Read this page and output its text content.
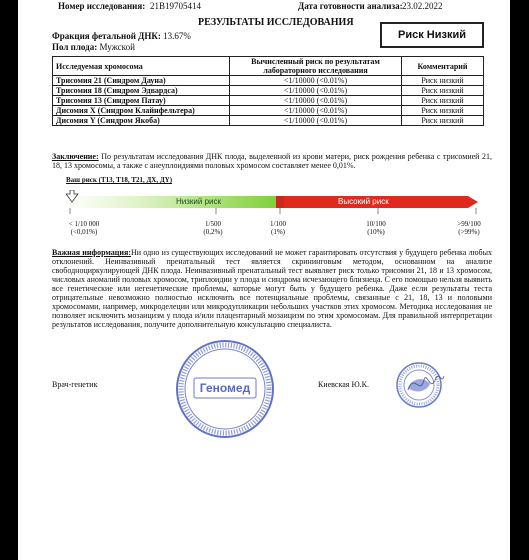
Номер исследования: 21В19705414	Дата готовности анализа: 23.02.2022
РЕЗУЛЬТАТЫ ИССЛЕДОВАНИЯ
Фракция фетальной ДНК: 13.67%
Пол плода: Мужской
Риск Низкий
Исследуемая хромосома	Вычисленный риск по результатам лабораторного исследования	Комментарий
Трисомия 21 (Синдром Дауна)	<1/10000 (<0.01%)	Риск низкий
Трисомия 18 (Синдром Эдвардса)	<1/10000 (<0.01%)	Риск низкий
Трисомия 13 (Синдром Патау)	<1/10000 (<0.01%)	Риск низкий
Дисомия X (Синдром Клайнфельтера)	<1/10000 (<0.01%)	Риск низкий
Дисомия Y (Синдром Якоба)	<1/10000 (<0.01%)	Риск низкий
Заключение: По результатам исследования ДНК плода, выделенной из крови матери, риск рождения ребенка с трисомией 21, 18, 13 хромосомы, а также с анеуплоидиями половых хромосом составляет менее 0,01%.
Ваш риск (Т13, Т18, Т21, ДХ, ДY)
Низкий риск	Высокий риск
< 1/10 000
(<0,01%)
1/500
(0,2%)
1/100
(1%)
10/100
(10%)
>99/100
(>99%)
Важная информация:Ни одно из существующих исследований не может гарантировать отсутствия у будущего ребенка любых отклонений. Неинвазивный пренатальный тест является скрининговым методом, основанном на анализе свободноциркулирующей ДНК плода. Неинвазивный пренатальный тест выявляет риск только трисомии 21, 18 и 13 хромосом, числовых аномалий половых хромосом, триплоидии у плода и синдрома исчезающего близнеца. С его помощью нельзя выявить все генетические или негенетические проблемы, которые могут быть у будущего ребенка. Даже если результаты теста отрицательные невозможно полностью исключить все потенциальные проблемы, связанные с 21, 18, 13 и половыми хромосомами, например, микроделеции или микродупликации небольших участков этих хромосом. Методика исследования не позволяет исключить мозаицизм у плода и/или плацентарный мозаицизм по этим хромосомам. Для правильной интерпретации результатов исследования, получите дополнительную консультацию специалиста.
Геномед
Врач-генетик	Киевская Ю.К.
